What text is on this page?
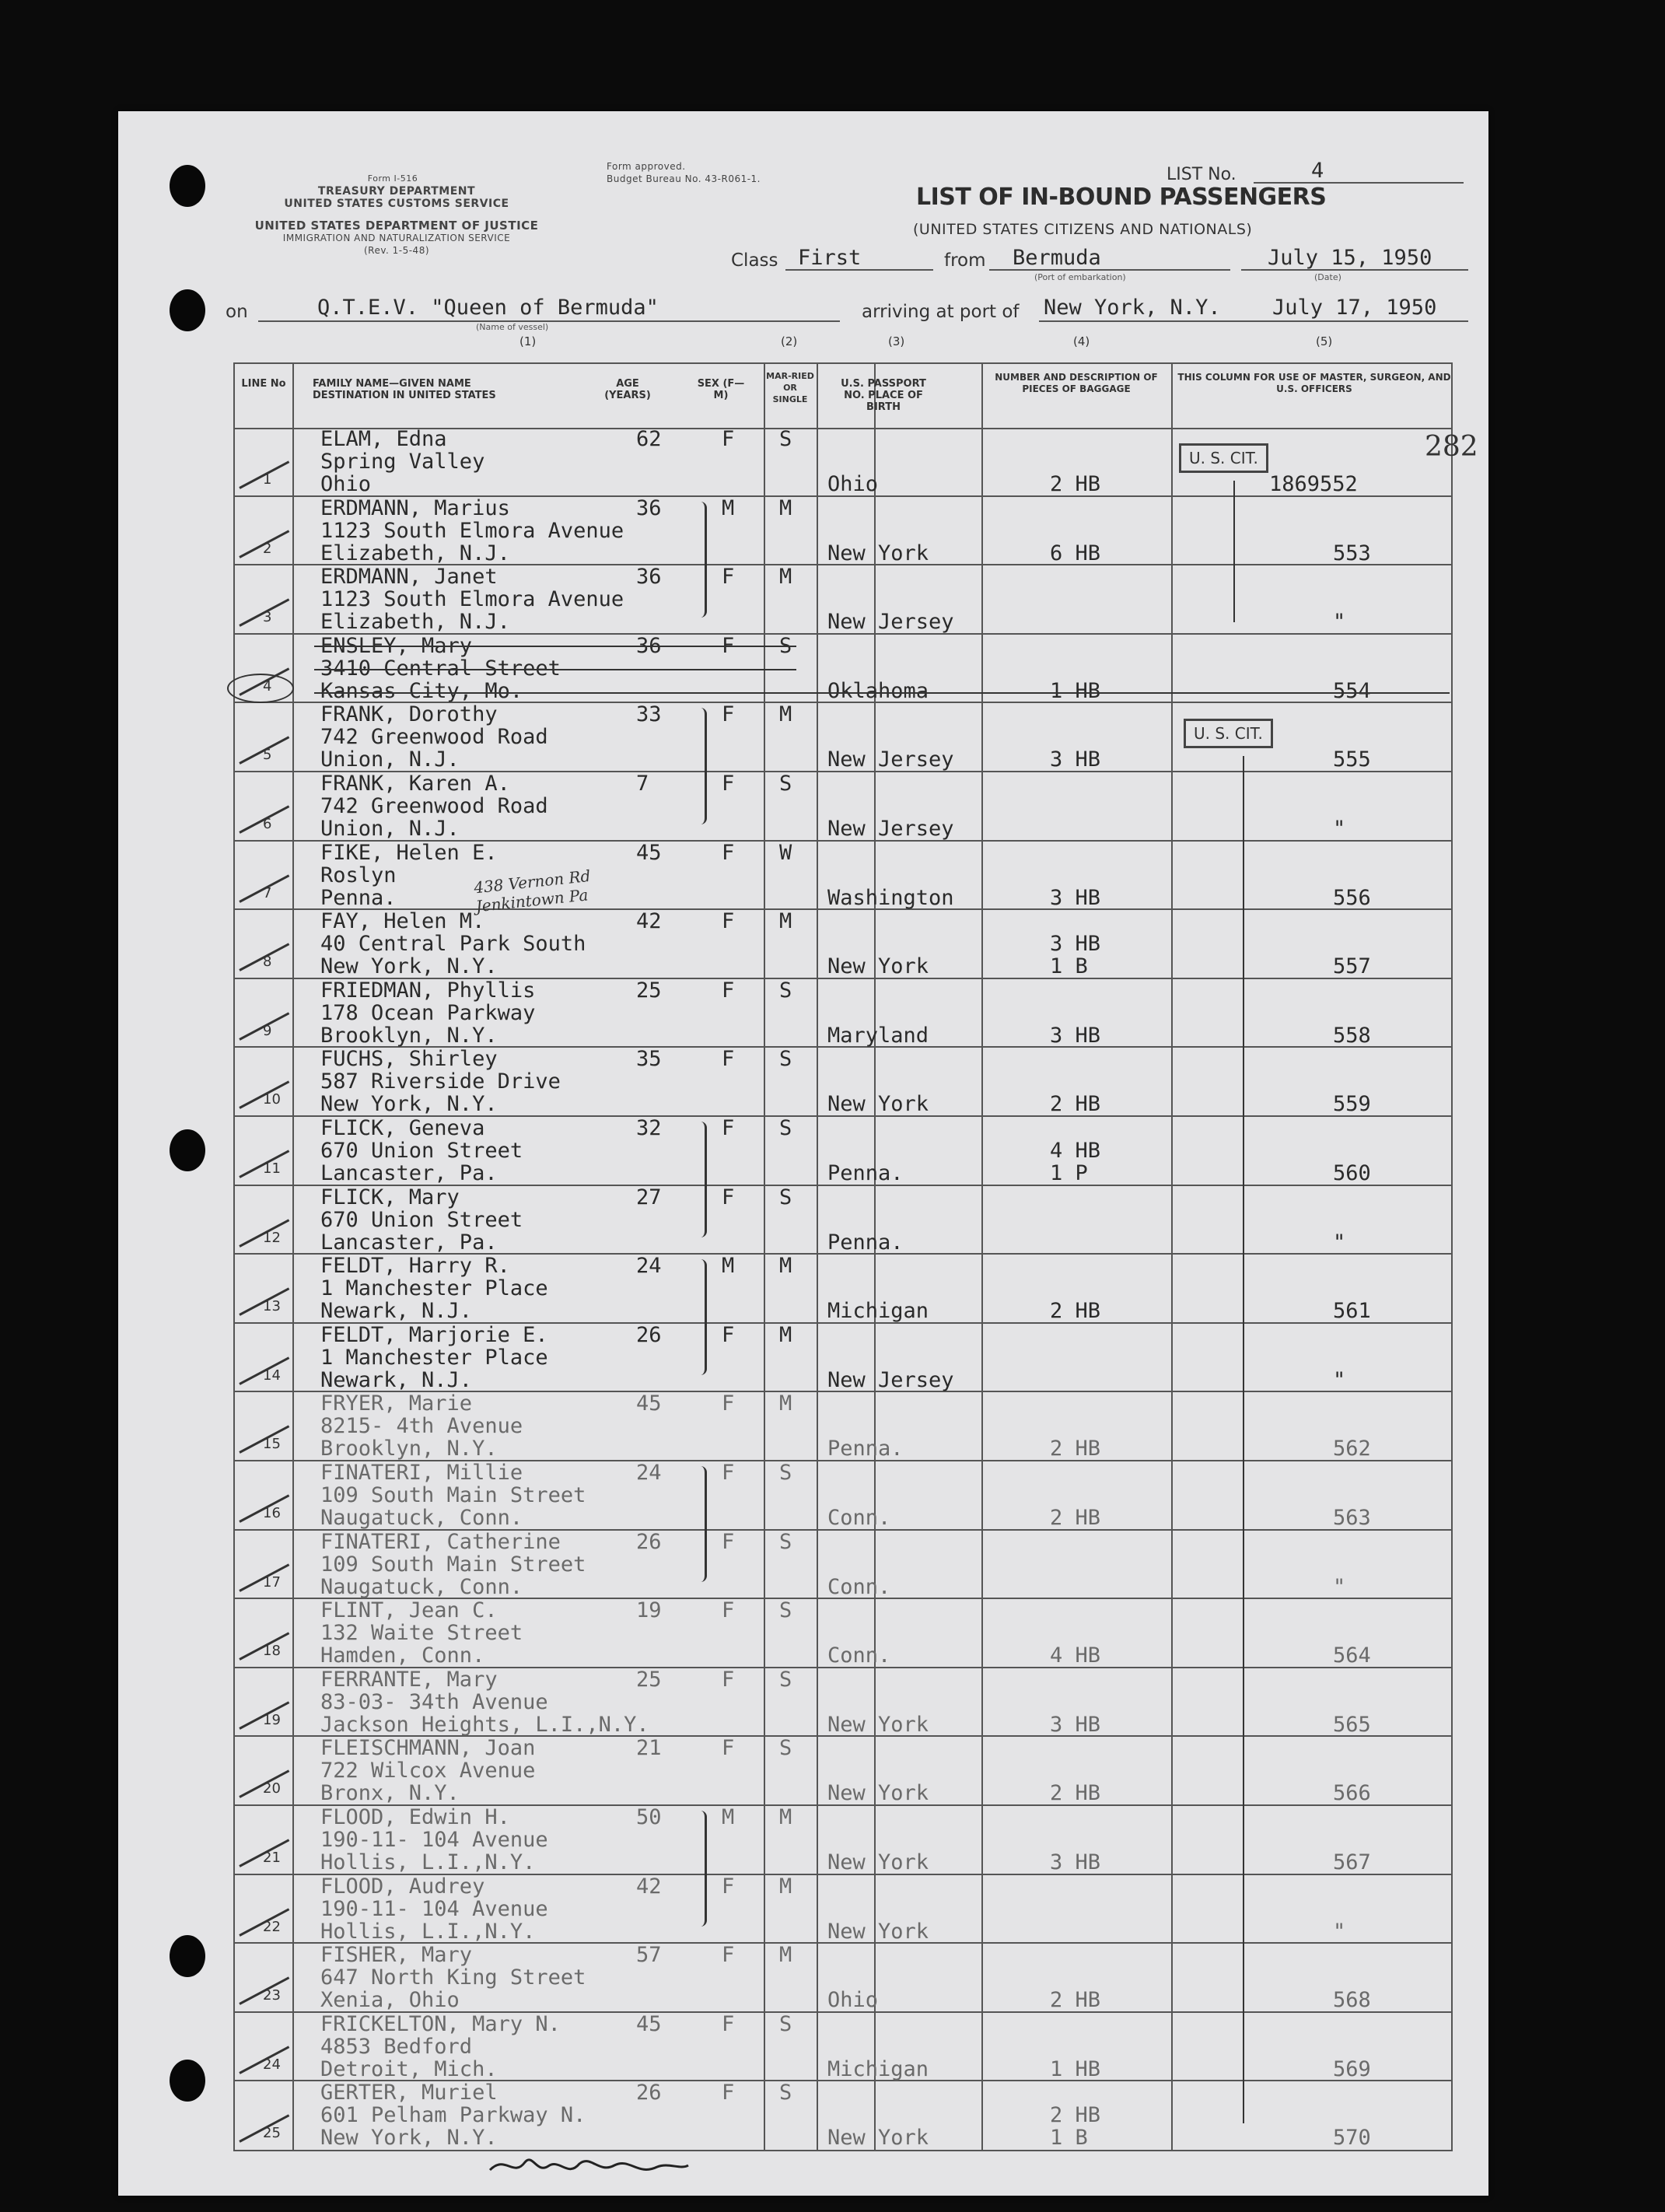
Form I-516
TREASURY DEPARTMENT
UNITED STATES CUSTOMS SERVICE
UNITED STATES DEPARTMENT OF JUSTICE
IMMIGRATION AND NATURALIZATION SERVICE
(Rev. 1-5-48)
Form approved.
Budget Bureau No. 43-R061-1.	LIST No.	4
LIST OF IN-BOUND PASSENGERS
(UNITED STATES CITIZENS AND NATIONALS)
Class First	from Bermuda
(Port of embarkation)
July 15, 1950
(Date)
on	Q.T.E.V. "Queen of Bermuda"
(Name of vessel)
arriving at port of New York, N.Y. July 17, 1950
(1)	(2)	(3)	(4)	(5)
LINE No	FAMILY NAME—GIVEN NAME DESTINATION IN UNITED STATES
AGE (YEARS)
SEX (F—M)
MAR-RIED OR SINGLE
U.S. PASSPORT NO. PLACE OF BIRTH
NUMBER AND DESCRIPTION OF PIECES OF BAGGAGE
THIS COLUMN FOR USE OF MASTER, SURGEON, AND U.S. OFFICERS
282
U. S. CIT.
U. S. CIT.
1
ELAM, Edna
Spring Valley
Ohio
62	F S
Ohio	2 HB	1869552
2
ERDMANN, Marius
1123 South Elmora Avenue
Elizabeth, N.J.
36	M M
New York	6 HB	553
3
ERDMANN, Janet
1123 South Elmora Avenue
Elizabeth, N.J.
36	F M
New Jersey	"
4
ENSLEY, Mary
3410 Central Street
Kansas City, Mo.
36	F S
Oklahoma	1 HB	554
5
FRANK, Dorothy
742 Greenwood Road
Union, N.J.
33	F M
New Jersey	3 HB	555
6
FRANK, Karen A.
742 Greenwood Road
Union, N.J.
7	F S
New Jersey	"
7
FIKE, Helen E.
Roslyn
Penna.
45	F W
Washington	3 HB	556
8
FAY, Helen M.
40 Central Park South
New York, N.Y.
42	F M
New York
3 HB
1 B	557
9
FRIEDMAN, Phyllis
178 Ocean Parkway
Brooklyn, N.Y.
25	F S
Maryland	3 HB	558
10
FUCHS, Shirley
587 Riverside Drive
New York, N.Y.
35	F S
New York	2 HB	559
11
FLICK, Geneva
670 Union Street
Lancaster, Pa.
32	F S
Penna.
4 HB
1 P	560
12
FLICK, Mary
670 Union Street
Lancaster, Pa.
27	F S
Penna.	"
13
FELDT, Harry R.
1 Manchester Place
Newark, N.J.
24	M M
Michigan	2 HB	561
14
FELDT, Marjorie E.
1 Manchester Place
Newark, N.J.
26	F M
New Jersey	"
15
FRYER, Marie
8215- 4th Avenue
Brooklyn, N.Y.
45	F M
Penna.	2 HB	562
16
FINATERI, Millie
109 South Main Street
Naugatuck, Conn.
24	F S
Conn.	2 HB	563
17
FINATERI, Catherine
109 South Main Street
Naugatuck, Conn.
26	F S
Conn.	"
18
FLINT, Jean C.
132 Waite Street
Hamden, Conn.
19	F S
Conn.	4 HB	564
19
FERRANTE, Mary
83-03- 34th Avenue
Jackson Heights, L.I.,N.Y.
25	F S
New York	3 HB	565
20
FLEISCHMANN, Joan
722 Wilcox Avenue
Bronx, N.Y.
21	F S
New York	2 HB	566
21
FLOOD, Edwin H.
190-11- 104 Avenue
Hollis, L.I.,N.Y.
50	M M
New York	3 HB	567
22
FLOOD, Audrey
190-11- 104 Avenue
Hollis, L.I.,N.Y.
42	F M
New York	"
23
FISHER, Mary
647 North King Street
Xenia, Ohio
57	F M
Ohio	2 HB	568
24
FRICKELTON, Mary N.
4853 Bedford
Detroit, Mich.
45	F S
Michigan	1 HB	569
25
GERTER, Muriel
601 Pelham Parkway N.
New York, N.Y.
26	F S
New York
2 HB
1 B	570
438 Vernon Rd Jenkintown Pa
